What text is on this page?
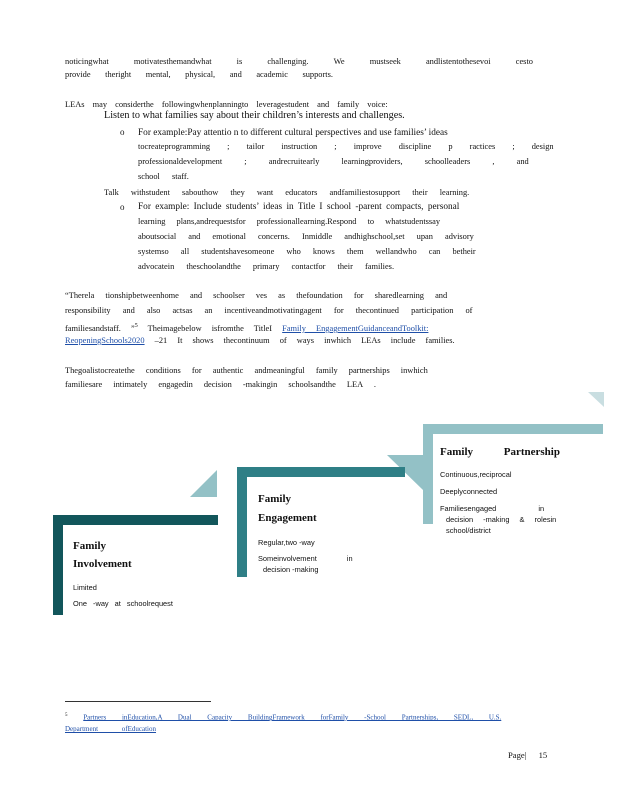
noticingwhat	motivatesthemandwhat	is	challenging.	We	mustseek	andlistentothesevoi	cesto
provide theright mental, physical, and academic supports.
LEAs may considerthe followingwhenplanningto leveragestudent and family voice:
Listen to what families say about their children’s interests and challenges.
o For example:Pay attentio n to different cultural perspectives and use families’ ideas
tocreateprogramming ; tailor instruction ; improve discipline p ractices ; design
professionaldevelopment ; andrecruitearly learningproviders, schoolleaders , and
school staff.
Talk withstudent sabouthow they want educators andfamiliestosupport their learning.
o For example: Include students’ ideas in Title I school -parent compacts, personal
learning plans,andrequestsfor professionallearning.Respond to whatstudentssay
aboutsocial and emotional concerns. Inmiddle andhighschool,set upan advisory
systemso all studentshavesomeone who knows them wellandwho can betheir
advocatein theschoolandthe primary contactfor their families.
“Therela tionshipbetweenhome and schoolser ves as thefoundation for sharedlearning and
responsibility and also actsas an incentiveandmotivatingagent for thecontinued participation of
familiesandstaff. ”$^5$ Theimagebelow isfromthe TitleI Family EngagementGuidanceandToolkit:
ReopeningSchools2020 –21 It shows thecontinuum of ways inwhich LEAs include families.
Thegoalistocreatethe conditions for authentic andmeaningful family partnerships inwhich
familiesare intimately engagedin decision -makingin schoolsandthe LEA .
Family Partnership
Continuous,reciprocal
Deeplyconnected
Familiesengaged in
decision -making & rolesin
school/district
Family
Engagement
Regular,two -way
Someinvolvement in
decision -making
Family
Involvement
Limited
One -way at schoolrequest
$^5$ Partners inEducation,A Dual Capacity BuildingFramework forFamily -School Partnerships, SEDL, U.S.
Department ofEducation
Page| 15
